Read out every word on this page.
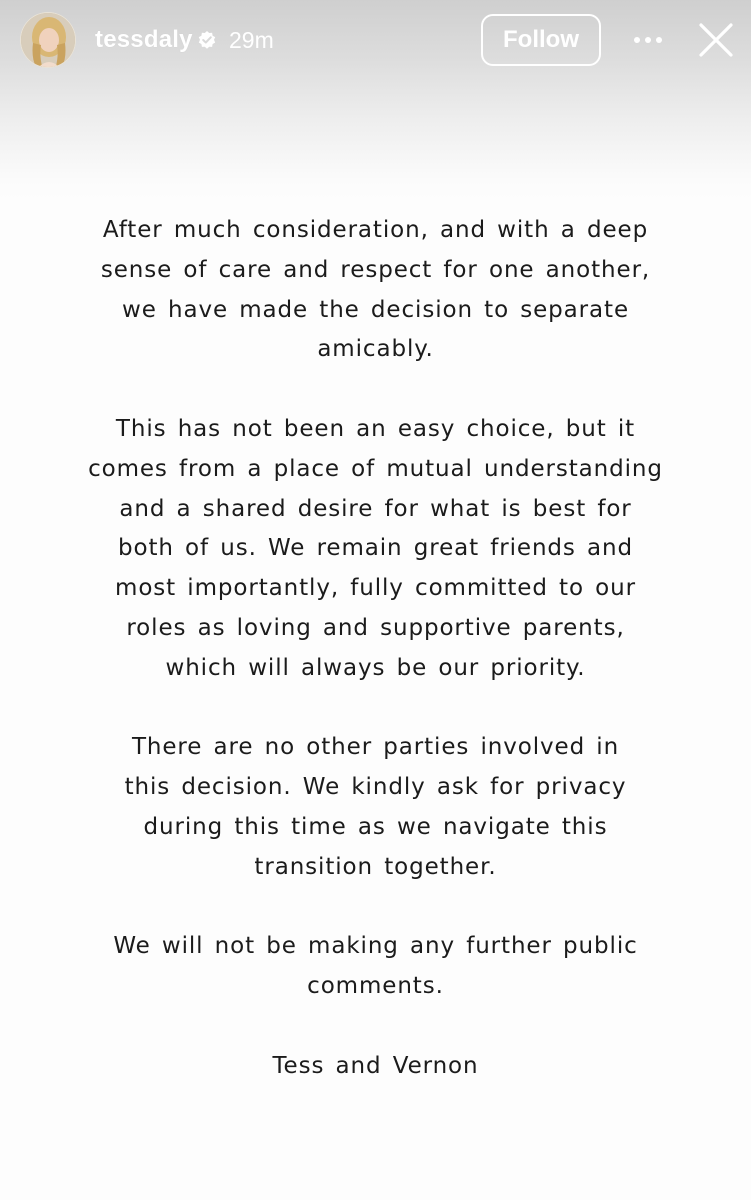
tessdaly 29m	Follow

After much consideration, and with a deep
sense of care and respect for one another,
we have made the decision to separate
amicably.

This has not been an easy choice, but it
comes from a place of mutual understanding
and a shared desire for what is best for
both of us. We remain great friends and
most importantly, fully committed to our
roles as loving and supportive parents,
which will always be our priority.

There are no other parties involved in
this decision. We kindly ask for privacy
during this time as we navigate this
transition together.

We will not be making any further public
comments.

Tess and Vernon
